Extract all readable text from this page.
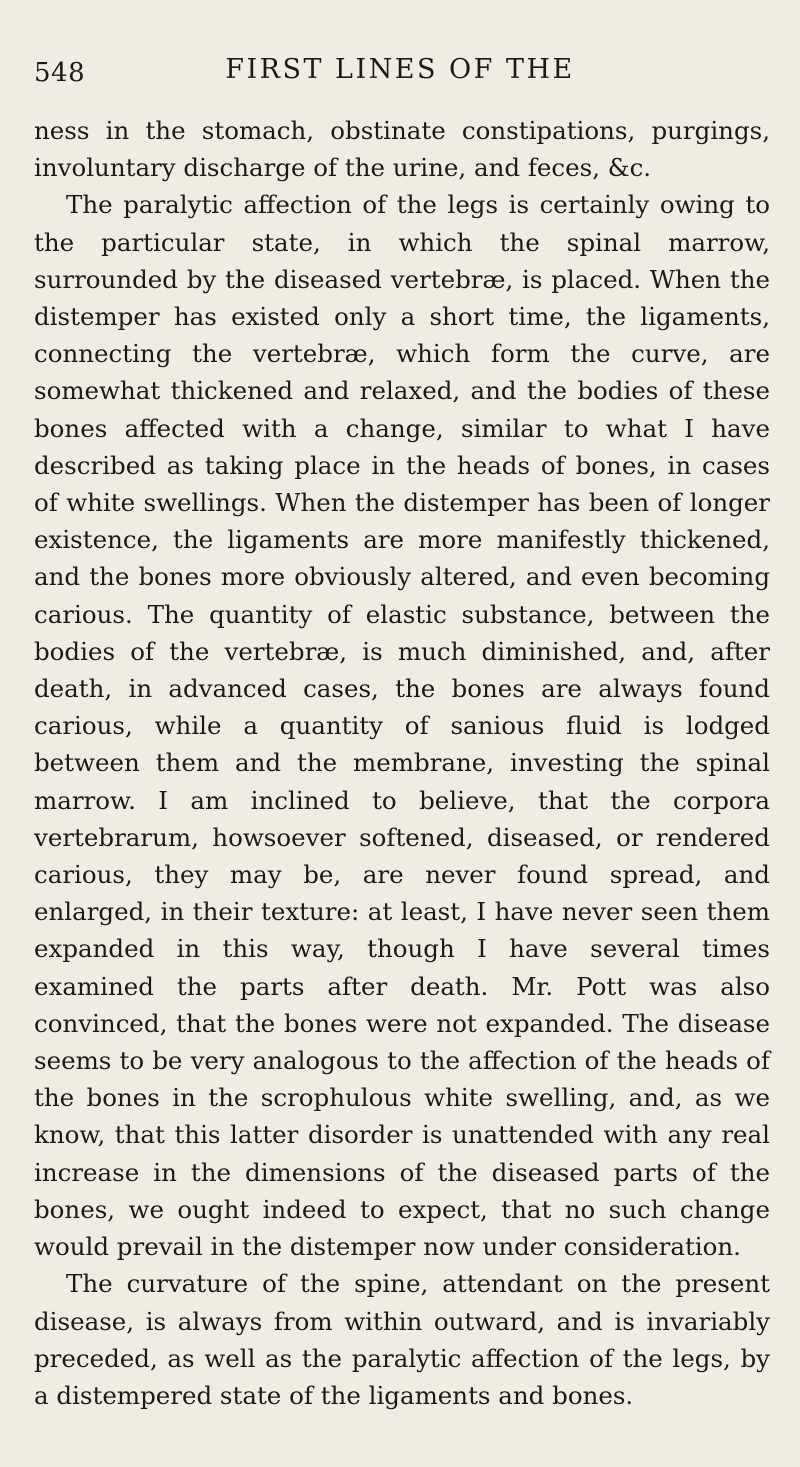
548	FIRST LINES OF THE

ness in the stomach, obstinate constipations, purgings, involuntary discharge of the urine, and feces, &c.

The paralytic affection of the legs is certainly owing to the particular state, in which the spinal marrow, surrounded by the diseased vertebræ, is placed. When the distemper has existed only a short time, the ligaments, connecting the vertebræ, which form the curve, are somewhat thickened and relaxed, and the bodies of these bones affected with a change, similar to what I have described as taking place in the heads of bones, in cases of white swellings. When the distemper has been of longer existence, the ligaments are more manifestly thickened, and the bones more obviously altered, and even becoming carious. The quantity of elastic substance, between the bodies of the vertebræ, is much diminished, and, after death, in advanced cases, the bones are always found carious, while a quantity of sanious fluid is lodged between them and the membrane, investing the spinal marrow. I am inclined to believe, that the corpora vertebrarum, howsoever softened, diseased, or rendered carious, they may be, are never found spread, and enlarged, in their texture: at least, I have never seen them expanded in this way, though I have several times examined the parts after death. Mr. Pott was also convinced, that the bones were not expanded. The disease seems to be very analogous to the affection of the heads of the bones in the scrophulous white swelling, and, as we know, that this latter disorder is unattended with any real increase in the dimensions of the diseased parts of the bones, we ought indeed to expect, that no such change would prevail in the distemper now under consideration.

The curvature of the spine, attendant on the present disease, is always from within outward, and is invariably preceded, as well as the paralytic affection of the legs, by a distempered state of the ligaments and bones.
